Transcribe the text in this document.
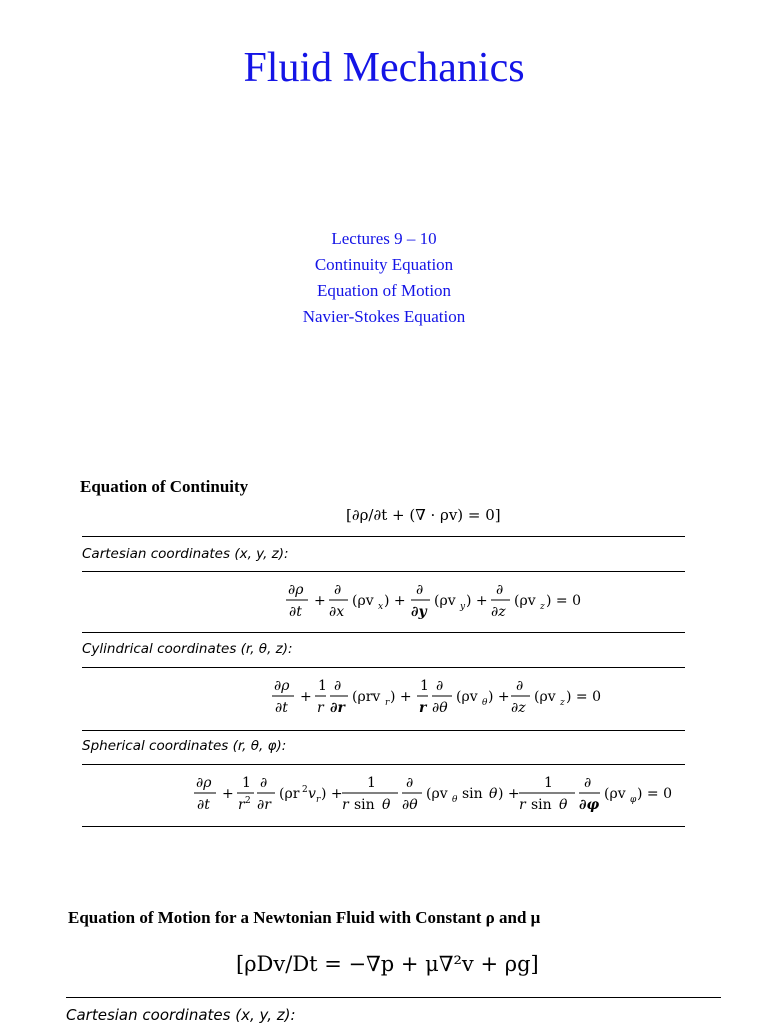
Fluid Mechanics
Lectures 9 – 10
Continuity Equation
Equation of Motion
Navier-Stokes Equation
Equation of Continuity
[∂ρ/∂t + (∇ · ρv) = 0]
Cartesian coordinates (x, y, z):
∂ρ
∂t
+
∂
∂x
(ρv x ) +
∂
∂y
(ρv y ) +
∂
∂z
(ρv z ) = 0
Cylindrical coordinates (r, θ, z):
∂ρ
∂t
+
1
r
∂
∂r
(ρrv r ) +
1
r
∂
∂θ
(ρv θ ) +
∂
∂z
(ρv z ) = 0
Spherical coordinates (r, θ, φ):
∂ρ
∂t
+
1
r 2
∂
∂r
(ρr 2 v r ) +
1
r sin θ
∂
∂θ
(ρv θ sin θ ) +
1
r sin θ
∂
∂φ
(ρv φ ) = 0
Equation of Motion for a Newtonian Fluid with Constant ρ and μ
[ρDv/Dt = −∇p + μ∇²v + ρg]
Cartesian coordinates (x, y, z):
